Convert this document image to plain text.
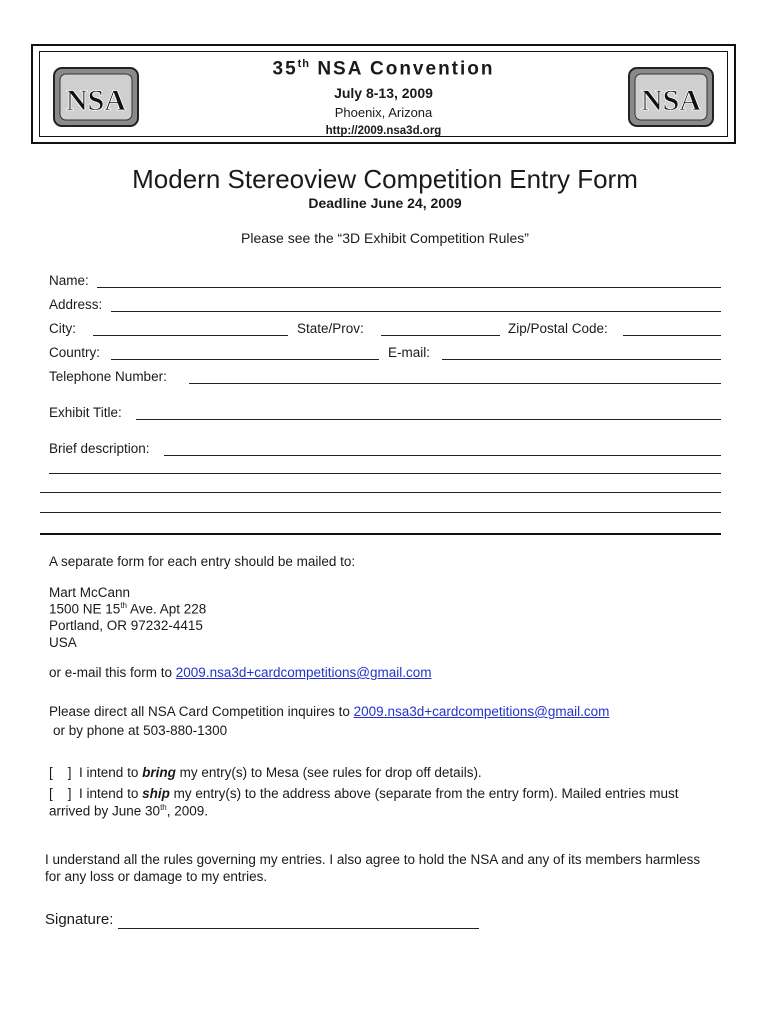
NSA
35th NSA Convention
July 8-13, 2009
Phoenix, Arizona
http://2009.nsa3d.org
NSA
Modern Stereoview Competition Entry Form
Deadline June 24, 2009
Please see the “3D Exhibit Competition Rules”
Name:
Address:
City:	State/Prov:	Zip/Postal Code:
Country:	E-mail:
Telephone Number:
Exhibit Title:
Brief description:
A separate form for each entry should be mailed to:
Mart McCann
1500 NE 15th Ave. Apt 228
Portland, OR 97232-4415
USA
or e-mail this form to 2009.nsa3d+cardcompetitions@gmail.com
Please direct all NSA Card Competition inquires to 2009.nsa3d+cardcompetitions@gmail.com
or by phone at 503-880-1300
[    ] I intend to bring my entry(s) to Mesa (see rules for drop off details).
[    ] I intend to ship my entry(s) to the address above (separate from the entry form). Mailed entries must
arrived by June 30th, 2009.
I understand all the rules governing my entries. I also agree to hold the NSA and any of its members harmless
for any loss or damage to my entries.
Signature:
